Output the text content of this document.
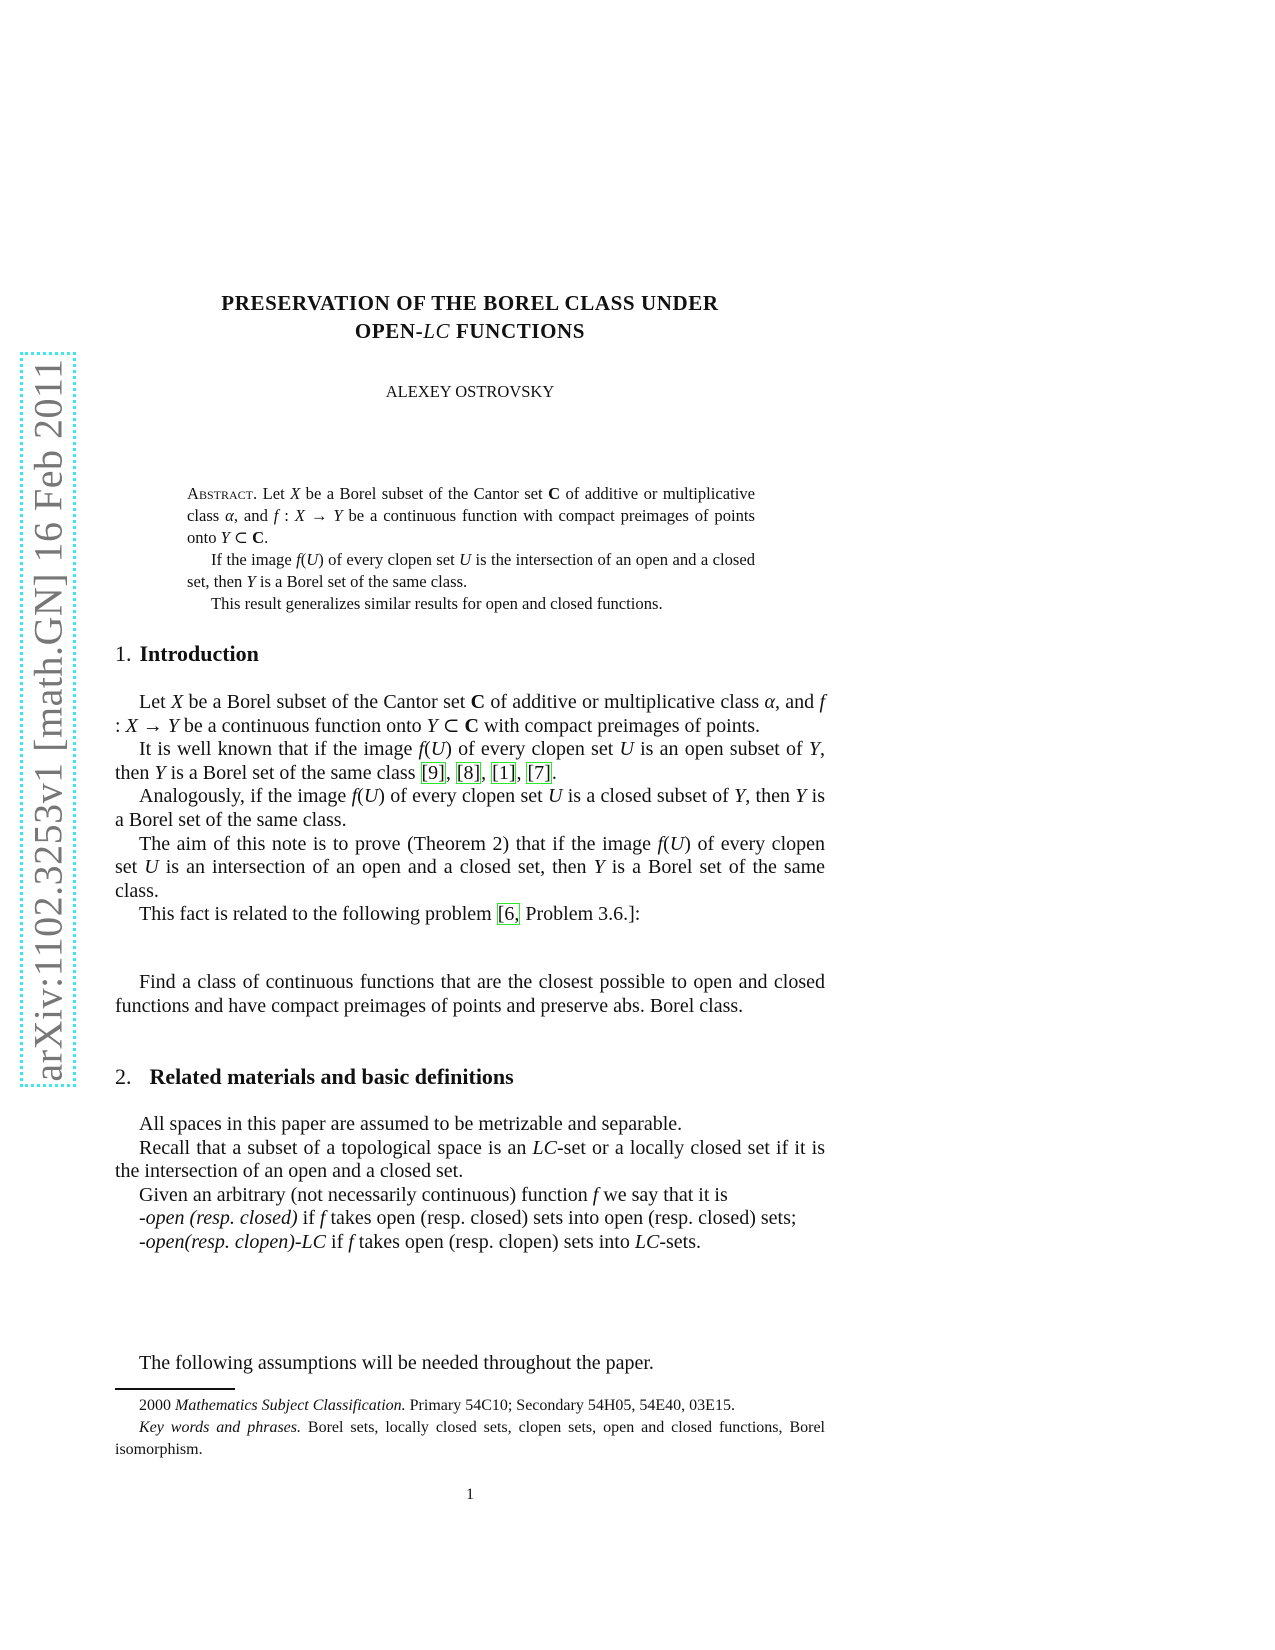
arXiv:1102.3253v1 [math.GN] 16 Feb 2011
PRESERVATION OF THE BOREL CLASS UNDER
OPEN-LC FUNCTIONS
ALEXEY OSTROVSKY

Abstract. Let X be a Borel subset of the Cantor set C of additive or multiplicative class α, and f : X → Y be a continuous function with compact preimages of points onto Y ⊂ C.

If the image f(U) of every clopen set U is the intersection of an open and a closed set, then Y is a Borel set of the same class.

This result generalizes similar results for open and closed functions.

1. Introduction

Let X be a Borel subset of the Cantor set C of additive or multiplicative class α, and f : X → Y be a continuous function onto Y ⊂ C with compact preimages of points.

It is well known that if the image f(U) of every clopen set U is an open subset of Y, then Y is a Borel set of the same class [9], [8], [1], [7].

Analogously, if the image f(U) of every clopen set U is a closed subset of Y, then Y is a Borel set of the same class.

The aim of this note is to prove (Theorem 2) that if the image f(U) of every clopen set U is an intersection of an open and a closed set, then Y is a Borel set of the same class.

This fact is related to the following problem [6, Problem 3.6.]:

Find a class of continuous functions that are the closest possible to open and closed functions and have compact preimages of points and preserve abs. Borel class.

2. Related materials and basic definitions

All spaces in this paper are assumed to be metrizable and separable.

Recall that a subset of a topological space is an LC-set or a locally closed set if it is the intersection of an open and a closed set.

Given an arbitrary (not necessarily continuous) function f we say that it is

-open (resp. closed) if f takes open (resp. closed) sets into open (resp. closed) sets;

-open(resp. clopen)-LC if f takes open (resp. clopen) sets into LC-sets.

The following assumptions will be needed throughout the paper.

2000 Mathematics Subject Classification. Primary 54C10; Secondary 54H05, 54E40, 03E15.

Key words and phrases. Borel sets, locally closed sets, clopen sets, open and closed functions, Borel isomorphism.

1
